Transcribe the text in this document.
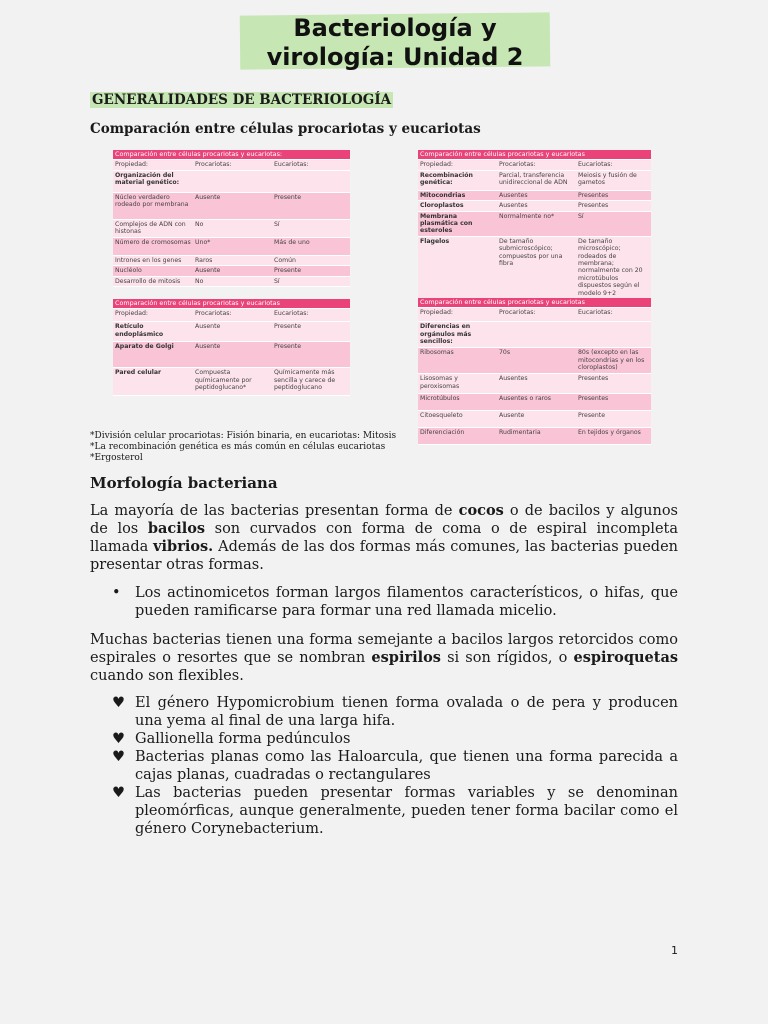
Bacteriología y virología: Unidad 2
GENERALIDADES DE BACTERIOLOGÍA
Comparación entre células procariotas y eucariotas
Comparación entre células procariotas y eucariotas:		
Propiedad:	Procariotas:	Eucariotas:
Organización del material genético:		
Núcleo verdadero rodeado por membrana	Ausente	Presente
Complejos de ADN con histonas	No	Sí
Número de cromosomas	Uno*	Más de uno
Intrones en los genes	Raros	Común
Nucléolo	Ausente	Presente
Desarrollo de mitosis	No	Sí
Comparación entre células procariotas y eucariotas		
Propiedad:	Procariotas:	Eucariotas:
Retículo endoplásmico	Ausente	Presente
Aparato de Golgi	Ausente	Presente
Pared celular	Compuesta químicamente por peptidoglucano*	Químicamente más sencilla y carece de peptidoglucano
Comparación entre células procariotas y eucariotas		
Propiedad:	Procariotas:	Eucariotas:
Recombinación genética:	Parcial, transferencia unidireccional de ADN	Meiosis y fusión de gametos
Mitocondrias	Ausentes	Presentes
Cloroplastos	Ausentes	Presentes
Membrana plasmática con esteroles	Normalmente no*	Sí
Flagelos	De tamaño submicroscópico; compuestos por una fibra	De tamaño microscópico; rodeados de membrana; normalmente con 20 microtúbulos dispuestos según el modelo 9+2
Comparación entre células procariotas y eucariotas		
Propiedad:	Procariotas:	Eucariotas:
Diferencias en orgánulos más sencillos:		
Ribosomas	70s	80s (excepto en las mitocondrias y en los cloroplastos)
Lisosomas y peroxisomas	Ausentes	Presentes
Microtúbulos	Ausentes o raros	Presentes
Citoesqueleto	Ausente	Presente
Diferenciación	Rudimentaria	En tejidos y órganos
*División celular procariotas: Fisión binaria, en eucariotas: Mitosis
*La recombinación genética es más común en células eucariotas
*Ergosterol
Morfología bacteriana

La mayoría de las bacterias presentan forma de cocos o de bacilos y algunos de los bacilos son curvados con forma de coma o de espiral incompleta llamada vibrios. Además de las dos formas más comunes, las bacterias pueden presentar otras formas.

• Los actinomicetos forman largos filamentos característicos, o hifas, que pueden ramificarse para formar una red llamada micelio.

Muchas bacterias tienen una forma semejante a bacilos largos retorcidos como espirales o resortes que se nombran espirilos si son rígidos, o espiroquetas cuando son flexibles.

♥ El género Hypomicrobium tienen forma ovalada o de pera y producen una yema al final de una larga hifa.
♥ Gallionella forma pedúnculos
♥ Bacterias planas como las Haloarcula, que tienen una forma parecida a cajas planas, cuadradas o rectangulares
♥ Las bacterias pueden presentar formas variables y se denominan pleomórficas, aunque generalmente, pueden tener forma bacilar como el género Corynebacterium.

1
